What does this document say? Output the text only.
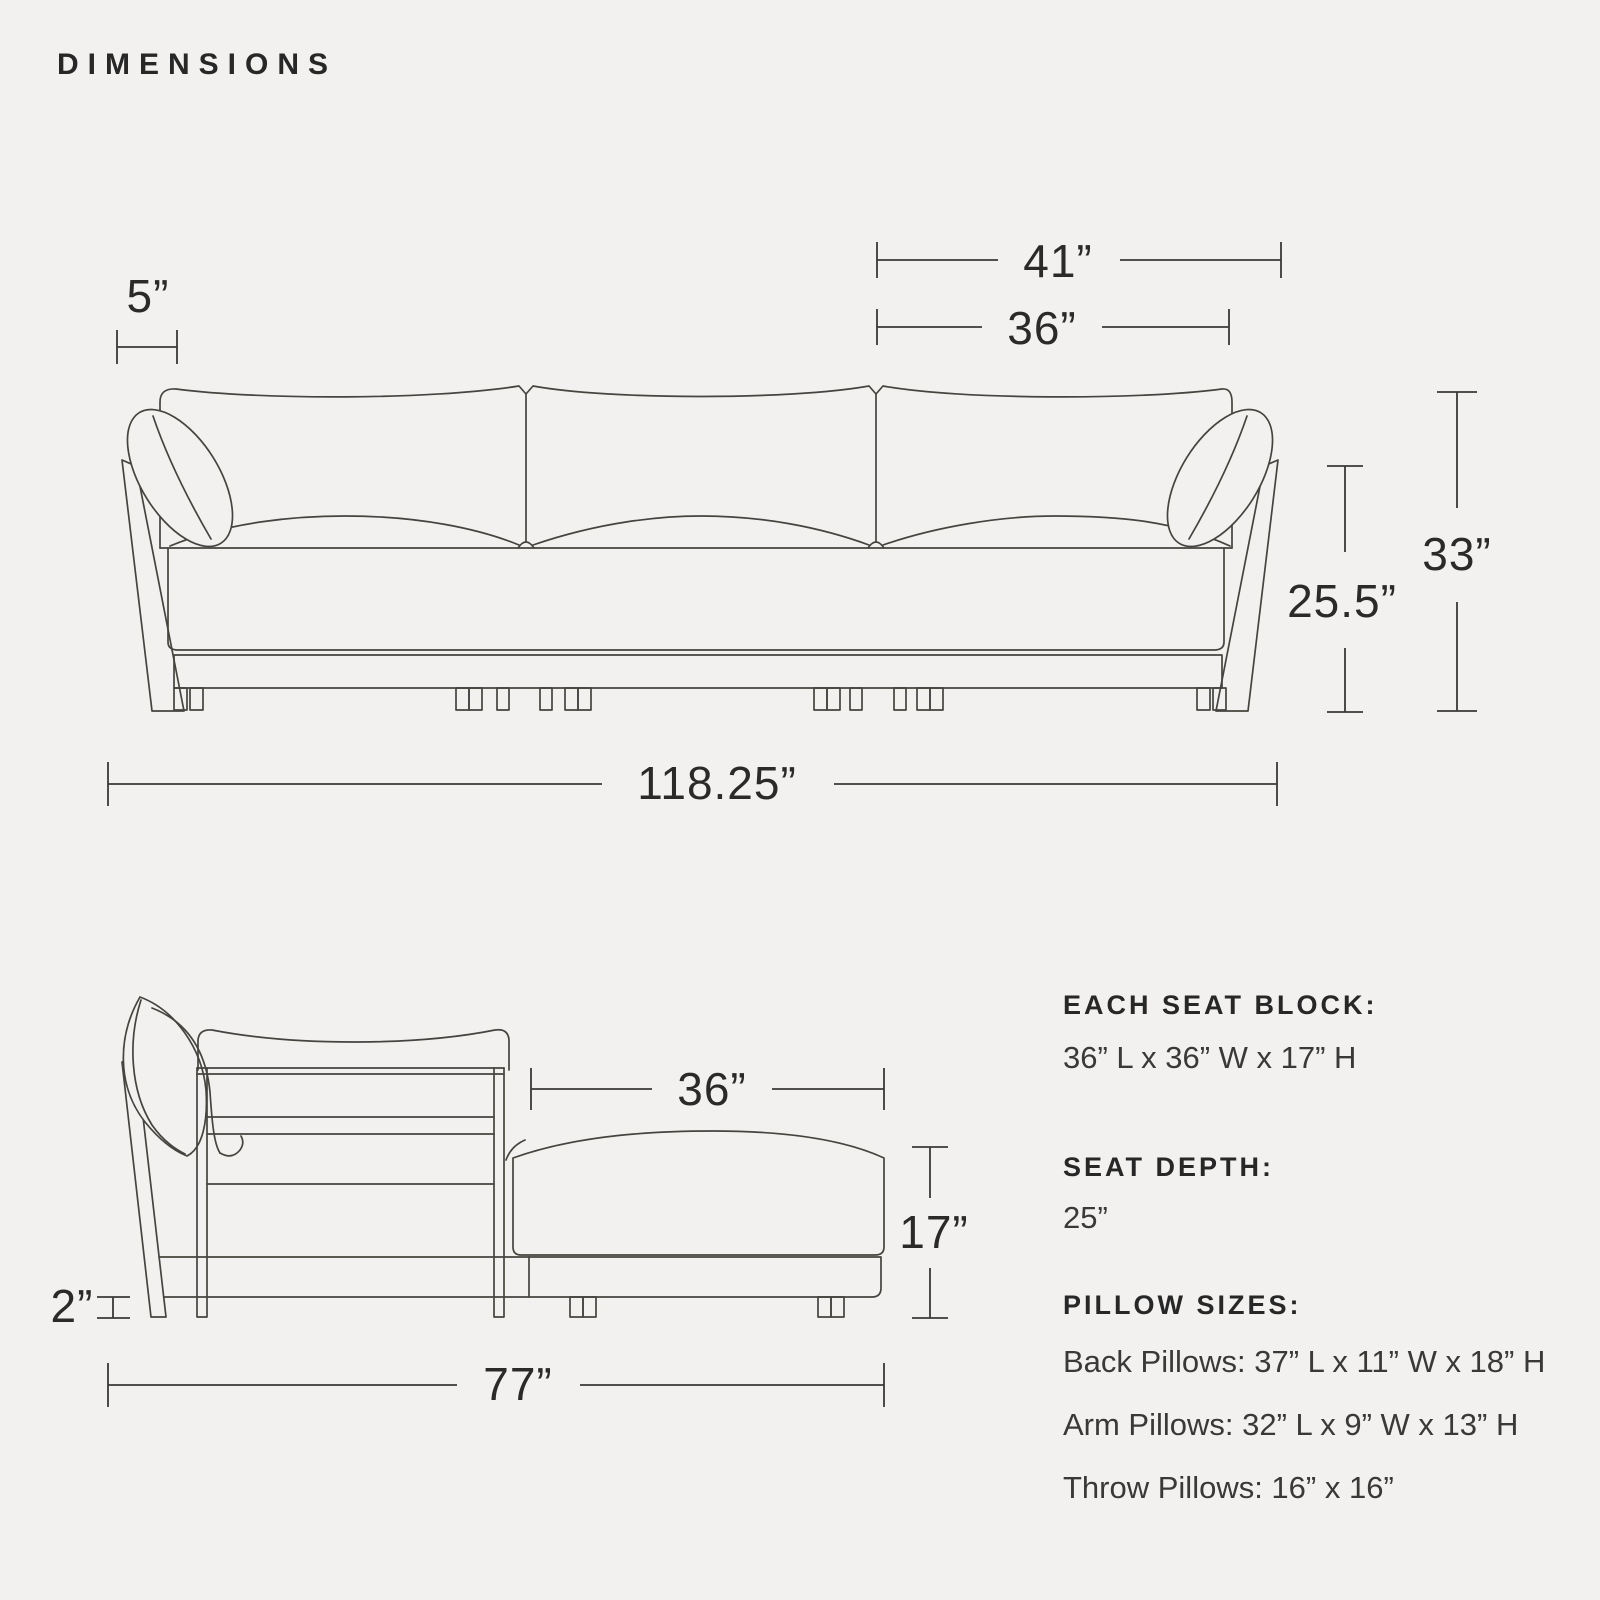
DIMENSIONS
5”
41”
36”
25.5”
33”
118.25”
36”
17”
2”
77”
EACH SEAT BLOCK:
36” L x 36” W x 17” H
SEAT DEPTH:
25”
PILLOW SIZES:
Back Pillows: 37” L x 11” W x 18” H
Arm Pillows: 32” L x 9” W x 13” H
Throw Pillows: 16” x 16”
